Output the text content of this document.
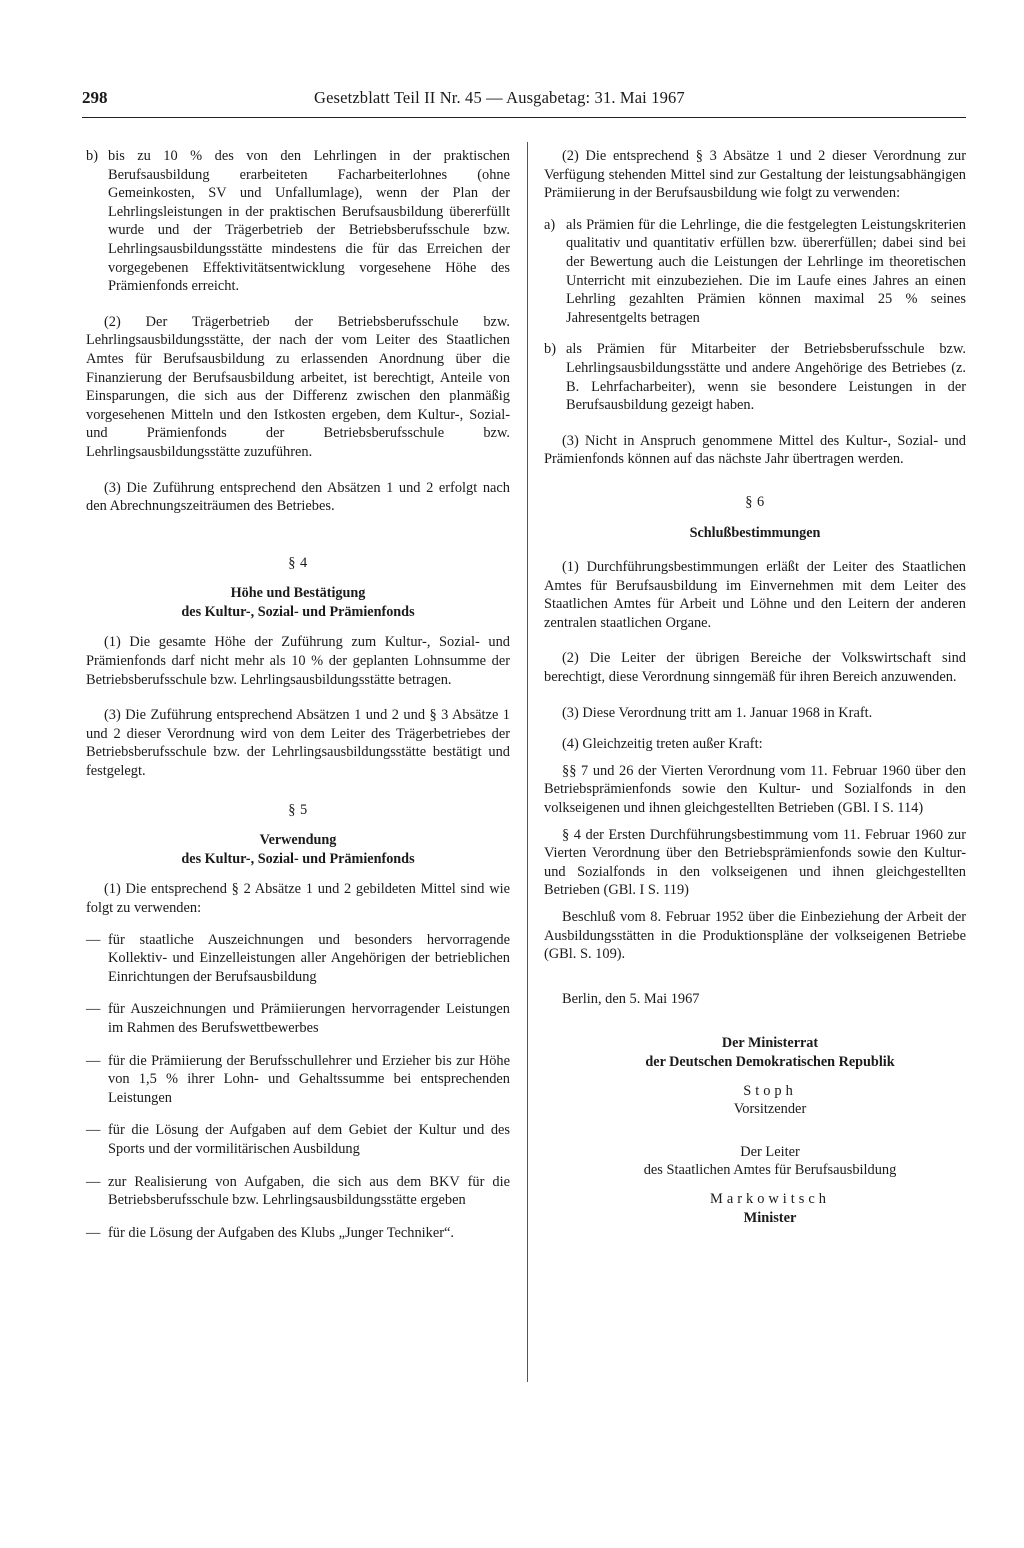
298	Gesetzblatt Teil II Nr. 45 — Ausgabetag: 31. Mai 1967
b) bis zu 10 % des von den Lehrlingen in der praktischen Berufsausbildung erarbeiteten Facharbeiterlohnes (ohne Gemeinkosten, SV und Unfallumlage), wenn der Plan der Lehrlingsleistungen in der praktischen Berufsausbildung übererfüllt wurde und der Trägerbetrieb der Betriebsberufsschule bzw. Lehrlingsausbildungsstätte mindestens die für das Erreichen der vorgegebenen Effektivitätsentwicklung vorgesehene Höhe des Prämienfonds erreicht.

(2) Der Trägerbetrieb der Betriebsberufsschule bzw. Lehrlingsausbildungsstätte, der nach der vom Leiter des Staatlichen Amtes für Berufsausbildung zu erlassenden Anordnung über die Finanzierung der Berufsausbildung arbeitet, ist berechtigt, Anteile von Einsparungen, die sich aus der Differenz zwischen den planmäßig vorgesehenen Mitteln und den Istkosten ergeben, dem Kultur-, Sozial- und Prämienfonds der Betriebsberufsschule bzw. Lehrlingsausbildungsstätte zuzuführen.

(3) Die Zuführung entsprechend den Absätzen 1 und 2 erfolgt nach den Abrechnungszeiträumen des Betriebes.

§ 4

Höhe und Bestätigung

des Kultur-, Sozial- und Prämienfonds

(1) Die gesamte Höhe der Zuführung zum Kultur-, Sozial- und Prämienfonds darf nicht mehr als 10 % der geplanten Lohnsumme der Betriebsberufsschule bzw. Lehrlingsausbildungsstätte betragen.

(3) Die Zuführung entsprechend Absätzen 1 und 2 und § 3 Absätze 1 und 2 dieser Verordnung wird von dem Leiter des Trägerbetriebes der Betriebsberufsschule bzw. der Lehrlingsausbildungsstätte bestätigt und festgelegt.

§ 5

Verwendung

des Kultur-, Sozial- und Prämienfonds

(1) Die entsprechend § 2 Absätze 1 und 2 gebildeten Mittel sind wie folgt zu verwenden:

— für staatliche Auszeichnungen und besonders hervorragende Kollektiv- und Einzelleistungen aller Angehörigen der betrieblichen Einrichtungen der Berufsausbildung
— für Auszeichnungen und Prämiierungen hervorragender Leistungen im Rahmen des Berufswettbewerbes
— für die Prämiierung der Berufsschullehrer und Erzieher bis zur Höhe von 1,5 % ihrer Lohn- und Gehaltssumme bei entsprechenden Leistungen
— für die Lösung der Aufgaben auf dem Gebiet der Kultur und des Sports und der vormilitärischen Ausbildung
— zur Realisierung von Aufgaben, die sich aus dem BKV für die Betriebsberufsschule bzw. Lehrlingsausbildungsstätte ergeben
— für die Lösung der Aufgaben des Klubs „Junger Techniker“.

(2) Die entsprechend § 3 Absätze 1 und 2 dieser Verordnung zur Verfügung stehenden Mittel sind zur Gestaltung der leistungsabhängigen Prämiierung in der Berufsausbildung wie folgt zu verwenden:

a) als Prämien für die Lehrlinge, die die festgelegten Leistungskriterien qualitativ und quantitativ erfüllen bzw. übererfüllen; dabei sind bei der Bewertung auch die Leistungen der Lehrlinge im theoretischen Unterricht mit einzubeziehen. Die im Laufe eines Jahres an einen Lehrling gezahlten Prämien können maximal 25 % seines Jahresentgelts betragen
b) als Prämien für Mitarbeiter der Betriebsberufsschule bzw. Lehrlingsausbildungsstätte und andere Angehörige des Betriebes (z. B. Lehrfacharbeiter), wenn sie besondere Leistungen in der Berufsausbildung gezeigt haben.

(3) Nicht in Anspruch genommene Mittel des Kultur-, Sozial- und Prämienfonds können auf das nächste Jahr übertragen werden.

§ 6

Schlußbestimmungen

(1) Durchführungsbestimmungen erläßt der Leiter des Staatlichen Amtes für Berufsausbildung im Einvernehmen mit dem Leiter des Staatlichen Amtes für Arbeit und Löhne und den Leitern der anderen zentralen staatlichen Organe.

(2) Die Leiter der übrigen Bereiche der Volkswirtschaft sind berechtigt, diese Verordnung sinngemäß für ihren Bereich anzuwenden.

(3) Diese Verordnung tritt am 1. Januar 1968 in Kraft.

(4) Gleichzeitig treten außer Kraft:

§§ 7 und 26 der Vierten Verordnung vom 11. Februar 1960 über den Betriebsprämienfonds sowie den Kultur- und Sozialfonds in den volkseigenen und ihnen gleichgestellten Betrieben (GBl. I S. 114)

§ 4 der Ersten Durchführungsbestimmung vom 11. Februar 1960 zur Vierten Verordnung über den Betriebsprämienfonds sowie den Kultur- und Sozialfonds in den volkseigenen und ihnen gleichgestellten Betrieben (GBl. I S. 119)

Beschluß vom 8. Februar 1952 über die Einbeziehung der Arbeit der Ausbildungsstätten in die Produktionspläne der volkseigenen Betriebe (GBl. S. 109).

Berlin, den 5. Mai 1967

Der Ministerrat

der Deutschen Demokratischen Republik

Stoph

Vorsitzender

Der Leiter

des Staatlichen Amtes für Berufsausbildung

Markowitsch

Minister
